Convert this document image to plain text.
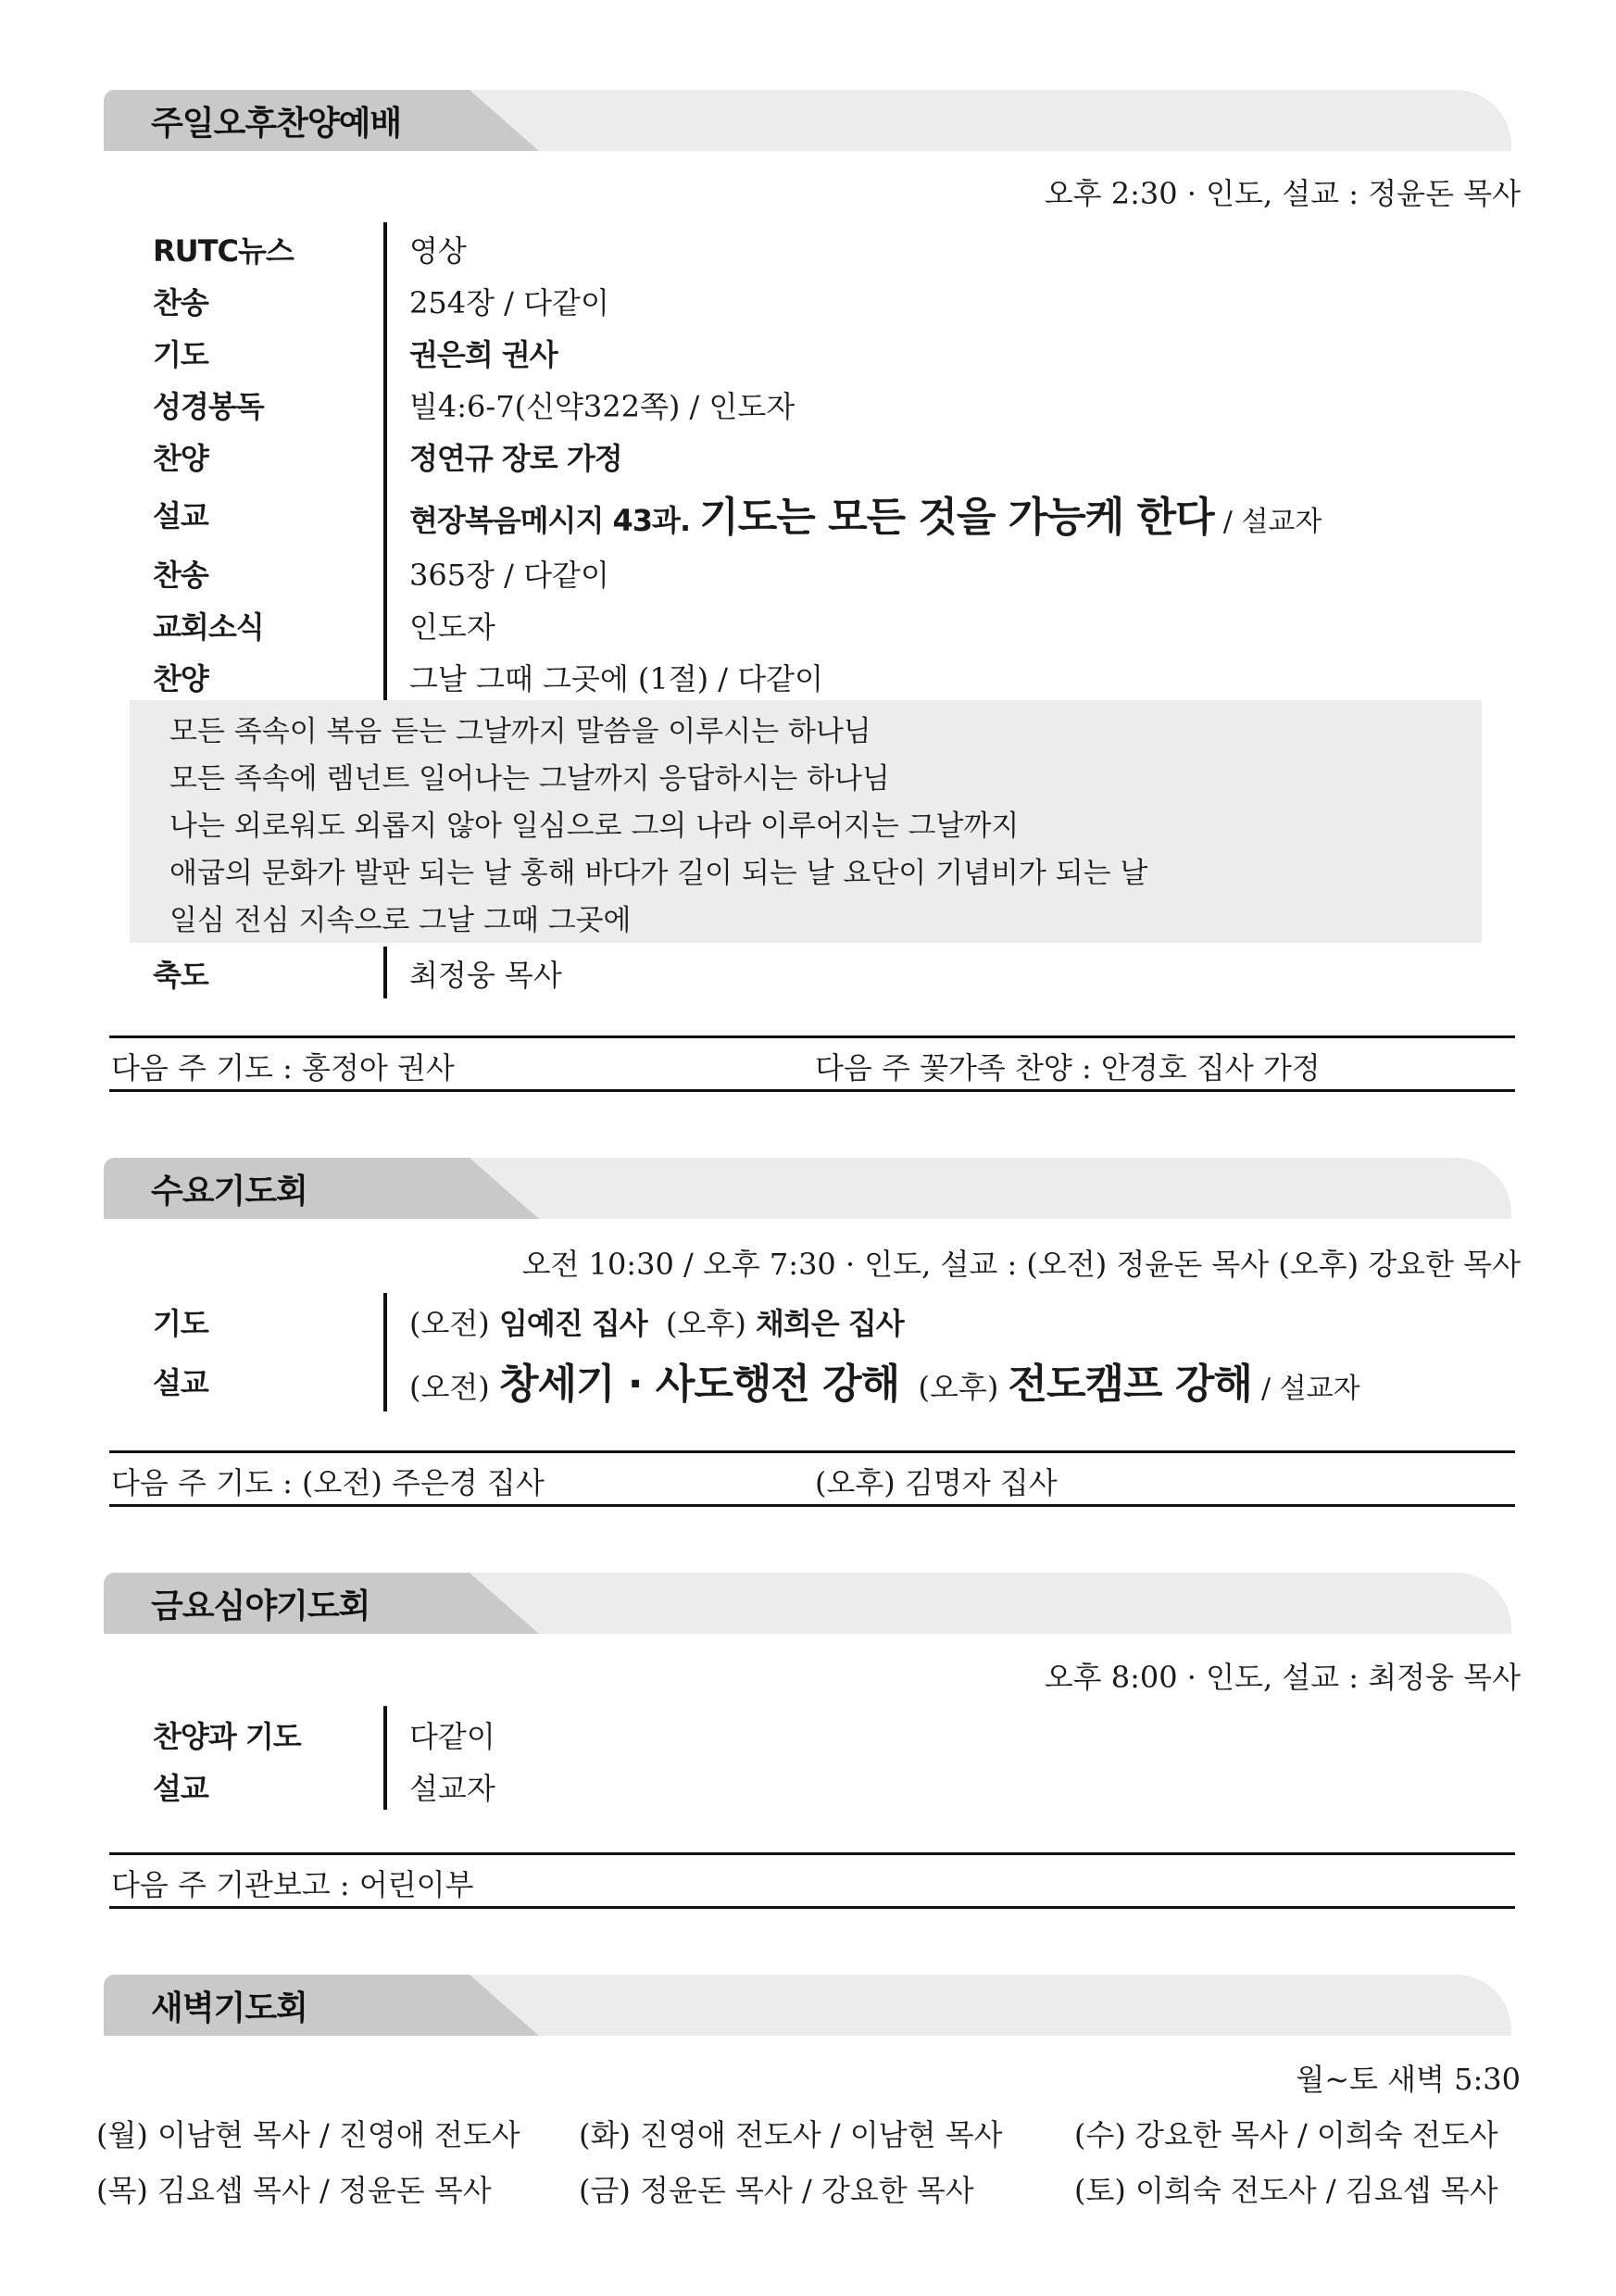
주일오후찬양예배
오후 2:30 · 인도, 설교 : 정윤돈 목사
RUTC뉴스	영상
찬송	254장 / 다같이
기도	권은희 권사
성경봉독	빌4:6-7(신약322쪽) / 인도자
찬양	정연규 장로 가정
설교	현장복음메시지 43과. 기도는 모든 것을 가능케 한다 / 설교자
찬송	365장 / 다같이
교회소식	인도자
찬양	그날 그때 그곳에 (1절) / 다같이
모든 족속이 복음 듣는 그날까지 말씀을 이루시는 하나님
모든 족속에 렘넌트 일어나는 그날까지 응답하시는 하나님
나는 외로워도 외롭지 않아 일심으로 그의 나라 이루어지는 그날까지
애굽의 문화가 발판 되는 날 홍해 바다가 길이 되는 날 요단이 기념비가 되는 날
일심 전심 지속으로 그날 그때 그곳에
축도	최정웅 목사
다음 주 기도 : 홍정아 권사	다음 주 꽃가족 찬양 : 안경호 집사 가정
수요기도회
오전 10:30 / 오후 7:30 · 인도, 설교 : (오전) 정윤돈 목사 (오후) 강요한 목사
기도	(오전) 임예진 집사 (오후) 채희은 집사
설교	(오전) 창세기 · 사도행전 강해 (오후) 전도캠프 강해 / 설교자
다음 주 기도 : (오전) 주은경 집사	(오후) 김명자 집사
금요심야기도회
오후 8:00 · 인도, 설교 : 최정웅 목사
찬양과 기도	다같이
설교	설교자
다음 주 기관보고 : 어린이부
새벽기도회
월~토 새벽 5:30
(월) 이남현 목사 / 진영애 전도사 (화) 진영애 전도사 / 이남현 목사 (수) 강요한 목사 / 이희숙 전도사
(목) 김요셉 목사 / 정윤돈 목사	(금) 정윤돈 목사 / 강요한 목사	(토) 이희숙 전도사 / 김요셉 목사
